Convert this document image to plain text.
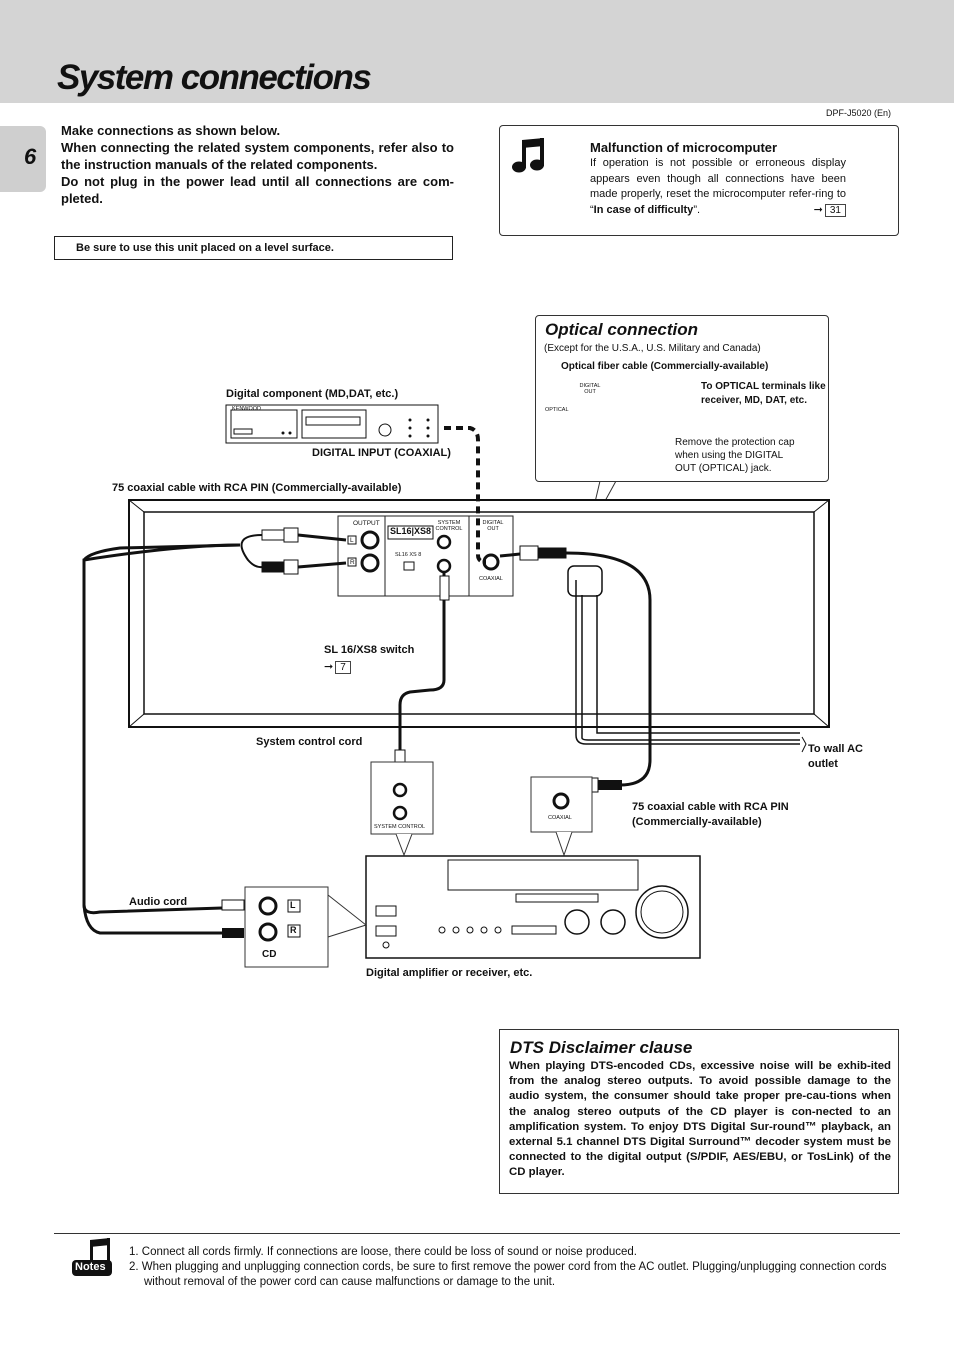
System connections
6
DPF-J5020 (En)

Make connections as shown below.

When connecting the related system components, refer also to the instruction manuals of the related components.

Do not plug in the power lead until all connections are com-pleted.

Be sure to use this unit placed on a level surface.
Malfunction of microcomputer
If operation is not possible or erroneous display appears even though all connections have been made properly, reset the microcomputer refer-ring to “In case of difficulty”.	➞ 31
Digital component (MD,DAT, etc.)
KENWOOD
DIGITAL INPUT (COAXIAL)
75 coaxial cable with RCA PIN (Commercially-available)
OUTPUT
L
R
SL16|XS8
SL16 XS 8
SYSTEM CONTROL
DIGITAL OUT
COAXIAL
SL 16/XS8 switch
➞ 7
System control cord
To wall AC outlet
SYSTEM CONTROL
COAXIAL
75 coaxial cable with RCA PIN
(Commercially-available)
Audio cord	L
R
CD
Digital amplifier or receiver, etc.
Optical connection
(Except for the U.S.A., U.S. Military and Canada)
Optical fiber cable (Commercially-available)
DIGITAL OUT
OPTICAL
To OPTICAL terminals like receiver, MD, DAT, etc.
Remove the protection cap when using the DIGITAL OUT (OPTICAL) jack.
DTS Disclaimer clause
When playing DTS-encoded CDs, excessive noise will be exhib-ited from the analog stereo outputs. To avoid possible damage to the audio system, the consumer should take proper pre-cau-tions when the analog stereo outputs of the CD player is con-nected to an amplification system. To enjoy DTS Digital Sur-round™ playback, an external 5.1 channel DTS Digital Surround™ decoder system must be connected to the digital output (S/PDIF, AES/EBU, or TosLink) of the CD player.
Notes
1. Connect all cords firmly. If connections are loose, there could be loss of sound or noise produced.
2. When plugging and unplugging connection cords, be sure to first remove the power cord from the AC outlet. Plugging/unplugging connection cords without removal of the power cord can cause malfunctions or damage to the unit.
